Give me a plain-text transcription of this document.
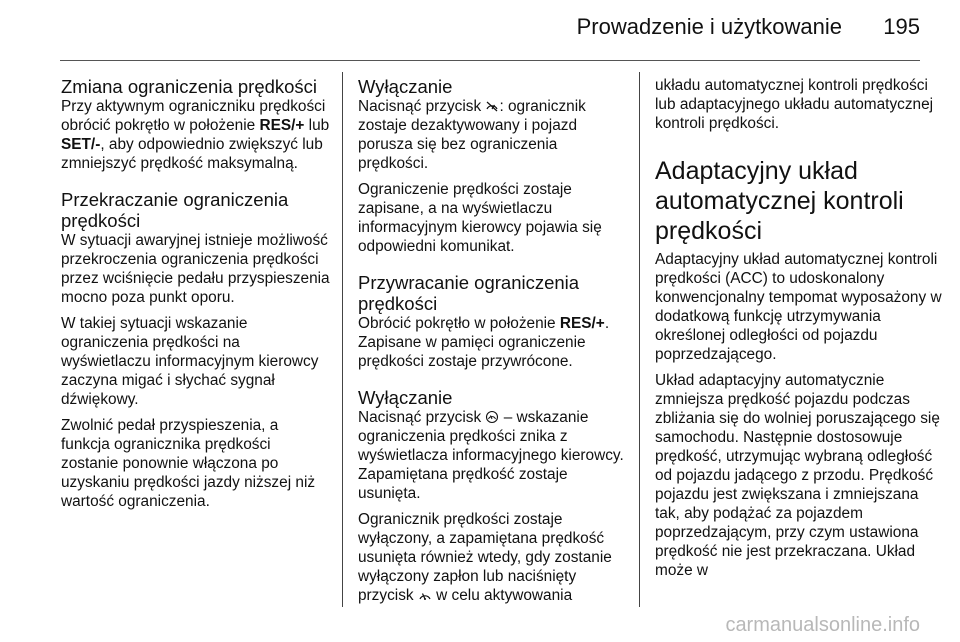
Prowadzenie i użytkowanie 195
Zmiana ograniczenia prędkości

Przy aktywnym ograniczniku prędkości obrócić pokrętło w położenie RES/+ lub SET/-, aby odpowiednio zwiększyć lub zmniejszyć prędkość maksymalną.

Przekraczanie ograniczenia prędkości

W sytuacji awaryjnej istnieje możliwość przekroczenia ograniczenia prędkości przez wciśnięcie pedału przyspieszenia mocno poza punkt oporu.

W takiej sytuacji wskazanie ograniczenia prędkości na wyświetlaczu informacyjnym kierowcy zaczyna migać i słychać sygnał dźwiękowy.

Zwolnić pedał przyspieszenia, a funkcja ogranicznika prędkości zostanie ponownie włączona po uzyskaniu prędkości jazdy niższej niż wartość ograniczenia.

Wyłączanie

Nacisnąć przycisk
: ogranicznik zostaje dezaktywowany i pojazd porusza się bez ograniczenia prędkości.

Ograniczenie prędkości zostaje zapisane, a na wyświetlaczu informacyjnym kierowcy pojawia się odpowiedni komunikat.

Przywracanie ograniczenia prędkości

Obrócić pokrętło w położenie RES/+. Zapisane w pamięci ograniczenie prędkości zostaje przywrócone.

Wyłączanie

Nacisnąć przycisk
– wskazanie ograniczenia prędkości znika z wyświetlacza informacyjnego kierowcy. Zapamiętana prędkość zostaje usunięta.

Ogranicznik prędkości zostaje wyłączony, a zapamiętana prędkość usunięta również wtedy, gdy zostanie wyłączony zapłon lub naciśnięty przycisk
w celu aktywowania

układu automatycznej kontroli prędkości lub adaptacyjnego układu automatycznej kontroli prędkości.

Adaptacyjny układ automatycznej kontroli prędkości

Adaptacyjny układ automatycznej kontroli prędkości (ACC) to udoskonalony konwencjonalny tempomat wyposażony w dodatkową funkcję utrzymywania określonej odległości od pojazdu poprzedzającego.

Układ adaptacyjny automatycznie zmniejsza prędkość pojazdu podczas zbliżania się do wolniej poruszającego się samochodu. Następnie dostosowuje prędkość, utrzymując wybraną odległość od pojazdu jadącego z przodu. Prędkość pojazdu jest zwiększana i zmniejszana tak, aby podążać za pojazdem poprzedzającym, przy czym ustawiona prędkość nie jest przekraczana. Układ może w

carmanualsonline.info
